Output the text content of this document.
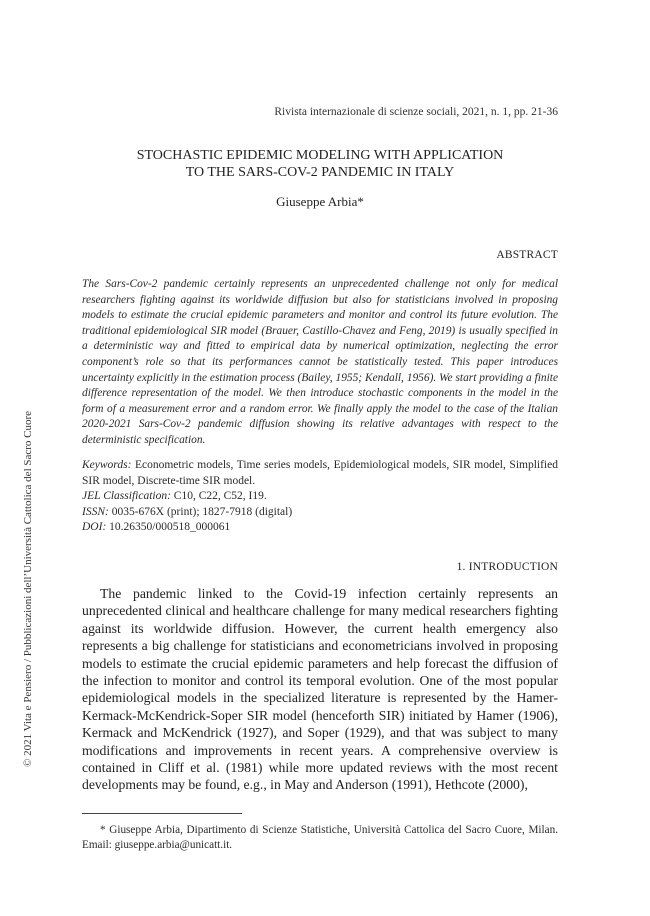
Rivista internazionale di scienze sociali, 2021, n. 1, pp. 21-36
STOCHASTIC EPIDEMIC MODELING WITH APPLICATION
TO THE SARS-COV-2 PANDEMIC IN ITALY
Giuseppe Arbia*
ABSTRACT
The Sars-Cov-2 pandemic certainly represents an unprecedented challenge not only for medical researchers fighting against its worldwide diffusion but also for statisticians involved in proposing models to estimate the crucial epidemic parameters and monitor and control its future evolution. The traditional epidemiological SIR model (Brauer, Castillo-Chavez and Feng, 2019) is usually specified in a deterministic way and fitted to empirical data by numerical optimization, neglecting the error component’s role so that its performances cannot be statistically tested. This paper introduces uncertainty explicitly in the estimation process (Bailey, 1955; Kendall, 1956). We start providing a finite difference representation of the model. We then introduce stochastic components in the model in the form of a measurement error and a random error. We finally apply the model to the case of the Italian 2020-2021 Sars-Cov-2 pandemic diffusion showing its relative advantages with respect to the deterministic specification.
Keywords: Econometric models, Time series models, Epidemiological models, SIR model, Simplified SIR model, Discrete-time SIR model.
JEL Classification: C10, C22, C52, I19.
ISSN: 0035-676X (print); 1827-7918 (digital)
DOI: 10.26350/000518_000061
1. INTRODUCTION
The pandemic linked to the Covid-19 infection certainly represents an unprecedented clinical and healthcare challenge for many medical researchers fighting against its worldwide diffusion. However, the current health emergency also represents a big challenge for statisticians and econometricians involved in proposing models to estimate the crucial epidemic parameters and help forecast the diffusion of the infection to monitor and control its temporal evolution. One of the most popular epidemiological models in the specialized literature is represented by the Hamer-Kermack-McKendrick-Soper SIR model (henceforth SIR) initiated by Hamer (1906), Kermack and McKendrick (1927), and Soper (1929), and that was subject to many modifications and improvements in recent years. A comprehensive overview is contained in Cliff et al. (1981) while more updated reviews with the most recent developments may be found, e.g., in May and Anderson (1991), Hethcote (2000),
* Giuseppe Arbia, Dipartimento di Scienze Statistiche, Università Cattolica del Sacro Cuore, Milan. Email: giuseppe.arbia@unicatt.it.
© 2021 Vita e Pensiero / Pubblicazioni dell’Università Cattolica del Sacro Cuore
